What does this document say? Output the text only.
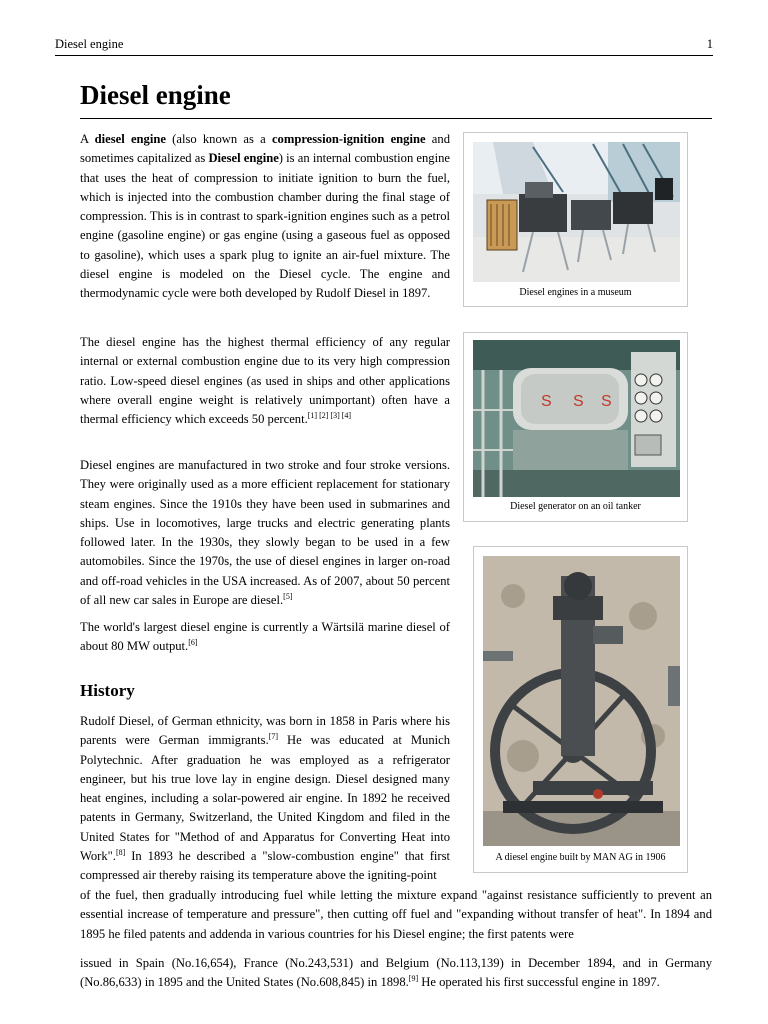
Diesel engine	1
Diesel engine

A diesel engine (also known as a compression-ignition engine and sometimes capitalized as Diesel engine) is an internal combustion engine that uses the heat of compression to initiate ignition to burn the fuel, which is injected into the combustion chamber during the final stage of compression. This is in contrast to spark-ignition engines such as a petrol engine (gasoline engine) or gas engine (using a gaseous fuel as opposed to gasoline), which uses a spark plug to ignite an air-fuel mixture. The diesel engine is modeled on the Diesel cycle. The engine and thermodynamic cycle were both developed by Rudolf Diesel in 1897.

The diesel engine has the highest thermal efficiency of any regular internal or external combustion engine due to its very high compression ratio. Low-speed diesel engines (as used in ships and other applications where overall engine weight is relatively unimportant) often have a thermal efficiency which exceeds 50 percent.[1] [2] [3] [4]

Diesel engines are manufactured in two stroke and four stroke versions. They were originally used as a more efficient replacement for stationary steam engines. Since the 1910s they have been used in submarines and ships. Use in locomotives, large trucks and electric generating plants followed later. In the 1930s, they slowly began to be used in a few automobiles. Since the 1970s, the use of diesel engines in larger on-road and off-road vehicles in the USA increased. As of 2007, about 50 percent of all new car sales in Europe are diesel.[5]

The world's largest diesel engine is currently a Wärtsilä marine diesel of about 80 MW output.[6]

History

Rudolf Diesel, of German ethnicity, was born in 1858 in Paris where his parents were German immigrants.[7] He was educated at Munich Polytechnic. After graduation he was employed as a refrigerator engineer, but his true love lay in engine design. Diesel designed many heat engines, including a solar-powered air engine. In 1892 he received patents in Germany, Switzerland, the United Kingdom and filed in the United States for "Method of and Apparatus for Converting Heat into Work".[8] In 1893 he described a "slow-combustion engine" that first compressed air thereby raising its temperature above the igniting-point

of the fuel, then gradually introducing fuel while letting the mixture expand "against resistance sufficiently to prevent an essential increase of temperature and pressure", then cutting off fuel and "expanding without transfer of heat". In 1894 and 1895 he filed patents and addenda in various countries for his Diesel engine; the first patents were

issued in Spain (No.16,654), France (No.243,531) and Belgium (No.113,139) in December 1894, and in Germany (No.86,633) in 1895 and the United States (No.608,845) in 1898.[9] He operated his first successful engine in 1897.

Diesel engines in a museum
S S S
Diesel generator on an oil tanker
A diesel engine built by MAN AG in 1906
